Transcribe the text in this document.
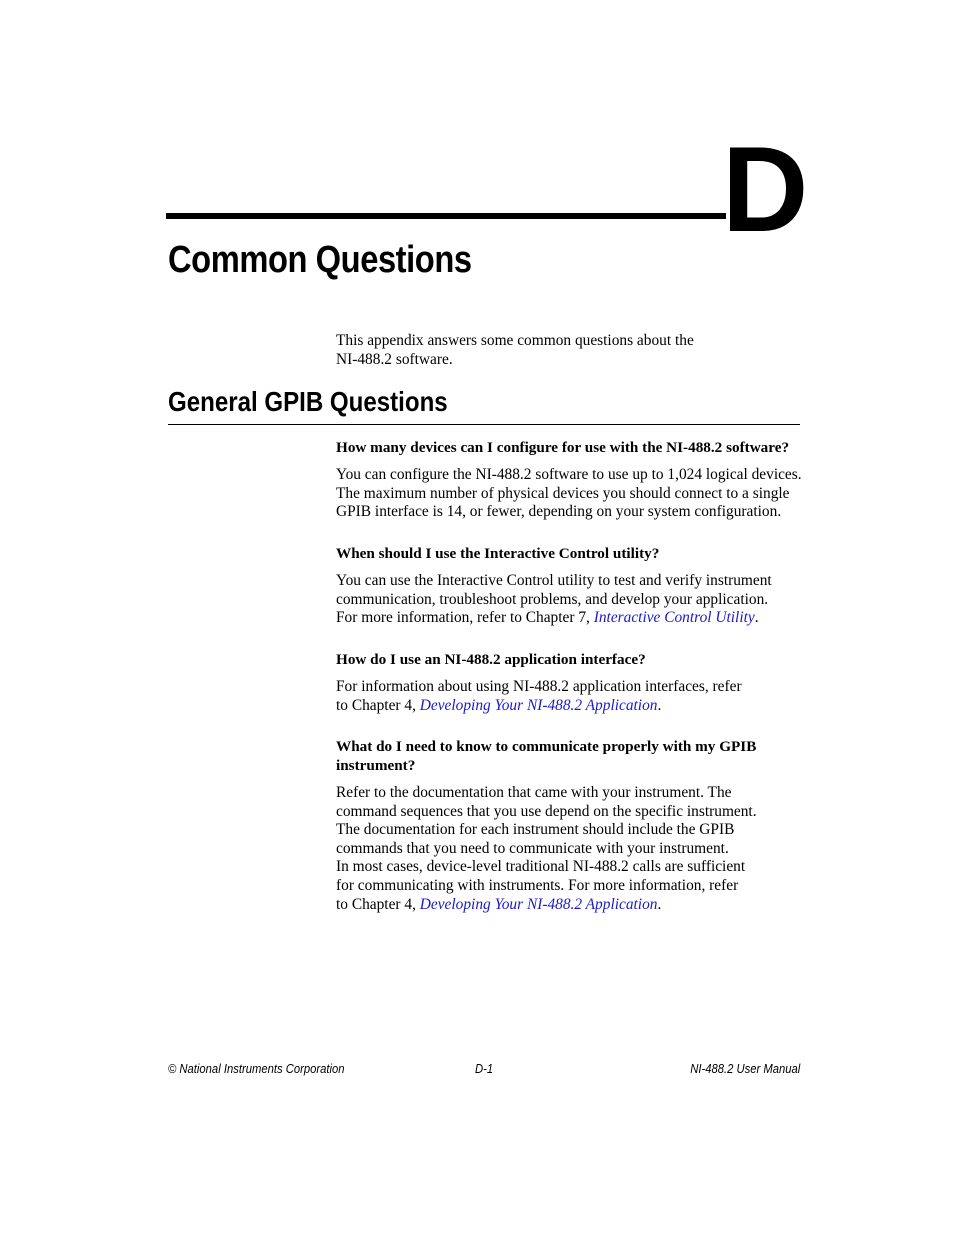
D
Common Questions

This appendix answers some common questions about the

NI-488.2 software.

General GPIB Questions

How many devices can I configure for use with the NI-488.2 software?

You can configure the NI-488.2 software to use up to 1,024 logical devices.

The maximum number of physical devices you should connect to a single

GPIB interface is 14, or fewer, depending on your system configuration.

When should I use the Interactive Control utility?

You can use the Interactive Control utility to test and verify instrument

communication, troubleshoot problems, and develop your application.

For more information, refer to Chapter 7, Interactive Control Utility.

How do I use an NI-488.2 application interface?

For information about using NI-488.2 application interfaces, refer

to Chapter 4, Developing Your NI-488.2 Application.

What do I need to know to communicate properly with my GPIB

instrument?

Refer to the documentation that came with your instrument. The

command sequences that you use depend on the specific instrument.

The documentation for each instrument should include the GPIB

commands that you need to communicate with your instrument.

In most cases, device-level traditional NI-488.2 calls are sufficient

for communicating with instruments. For more information, refer

to Chapter 4, Developing Your NI-488.2 Application.

© National Instruments Corporation	D-1	NI-488.2 User Manual
